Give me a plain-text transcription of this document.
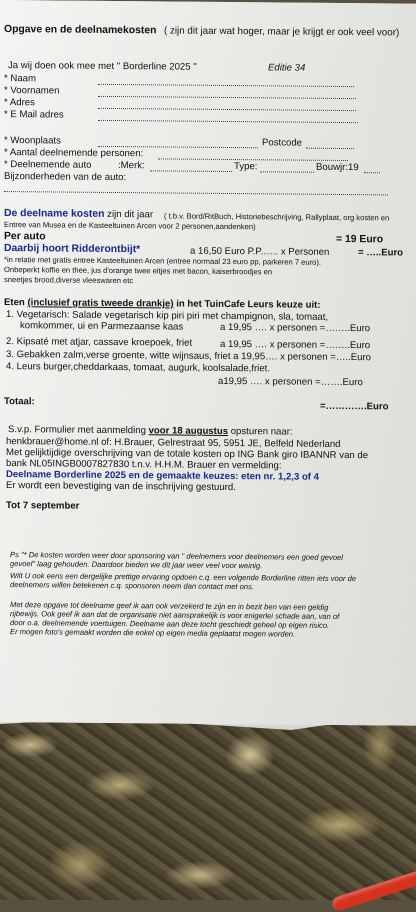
Opgave en de deelnamekosten ( zijn dit jaar wat hoger, maar je krijgt er ook veel voor)
Ja wij doen ook mee met " Borderline 2025 "	Editie 34
* Naam
* Voornamen
* Adres
* E Mail adres
* Woonplaats	Postcode
* Aantal deelnemende personen:
* Deelnemende auto	:Merk:	Type:	Bouwjr:19
Bijzonderheden van de auto:
De deelname kosten zijn dit jaar ( t.b.v. Bord/RitBuch, Historiebeschrijving, Rallyplaat, org kosten en
Entree van Musea en de Kasteeltuinen Arcen voor 2 personen,aandenken)
Per auto	= 19 Euro
Daarbij hoort Ridderontbijt*	a 16,50 Euro P.P.….. x Personen	= …..Euro
*in relatie met gratis entree Kasteeltuinen Arcen (entree normaal 23 euro pp, parkeren 7 euro).
Onbeperkt koffie en thee, jus d'orange twee eitjes met bacon, kaiserbroodjes en
sneetjes brood,diverse vleeswaren etc
Eten (inclusief gratis tweede drankje) in het TuinCafe Leurs keuze uit:
1. Vegetarisch: Salade vegetarisch kip piri piri met champignon, sla, tomaat,
komkommer, ui en Parmezaanse kaas	a 19,95 …. x personen =……..Euro
2. Kipsaté met atjar, cassave kroepoek, friet	a 19,95 …. x personen =……..Euro
3. Gebakken zalm,verse groente, witte wijnsaus, friet a 19,95…. x personen =…..Euro
4. Leurs burger,cheddarkaas, tomaat, augurk, koolsalade,friet.
a19,95 …. x personen =…….Euro
Totaal:	=………….Euro
S.v.p. Formulier met aanmelding voor 18 augustus opsturen naar:
henkbrauer@home.nl of: H.Brauer, Gelrestraat 95, 5951 JE, Belfeld Nederland
Met gelijktijdige overschrijving van de totale kosten op ING Bank giro IBANNR van de
bank NL05INGB0007827830 t.n.v. H.H.M. Brauer en vermelding:
Deelname Borderline 2025 en de gemaakte keuzes: eten nr. 1,2,3 of 4
Er wordt een bevestiging van de inschrijving gestuurd.
Tot 7 september
Ps "* De kosten worden weer door sponsoring van " deelnemers voor deelnemers een goed gevoel
gevoel" laag gehouden. Daardoor bieden we dit jaar weer veel voor weinig.
Wilt U ook eens een dergelijke prettige ervaring opdoen c.q. een volgende Borderline ritten iets voor de
deelnemers willen betekenen c.q. sponsoren neem dan contact met ons.
Met deze opgave tot deelname geef ik aan ook verzekerd te zijn en in bezit ben van een geldig
rijbewijs. Ook geef ik aan dat de organisatie niet aansprakelijk is voor enigerlei schade aan, van of
door o.a. deelnemende voertuigen. Deelname aan deze tocht geschiedt geheel op eigen risico.
Er mogen foto's gemaakt worden die enkel op eigen media geplaatst mogen worden.
